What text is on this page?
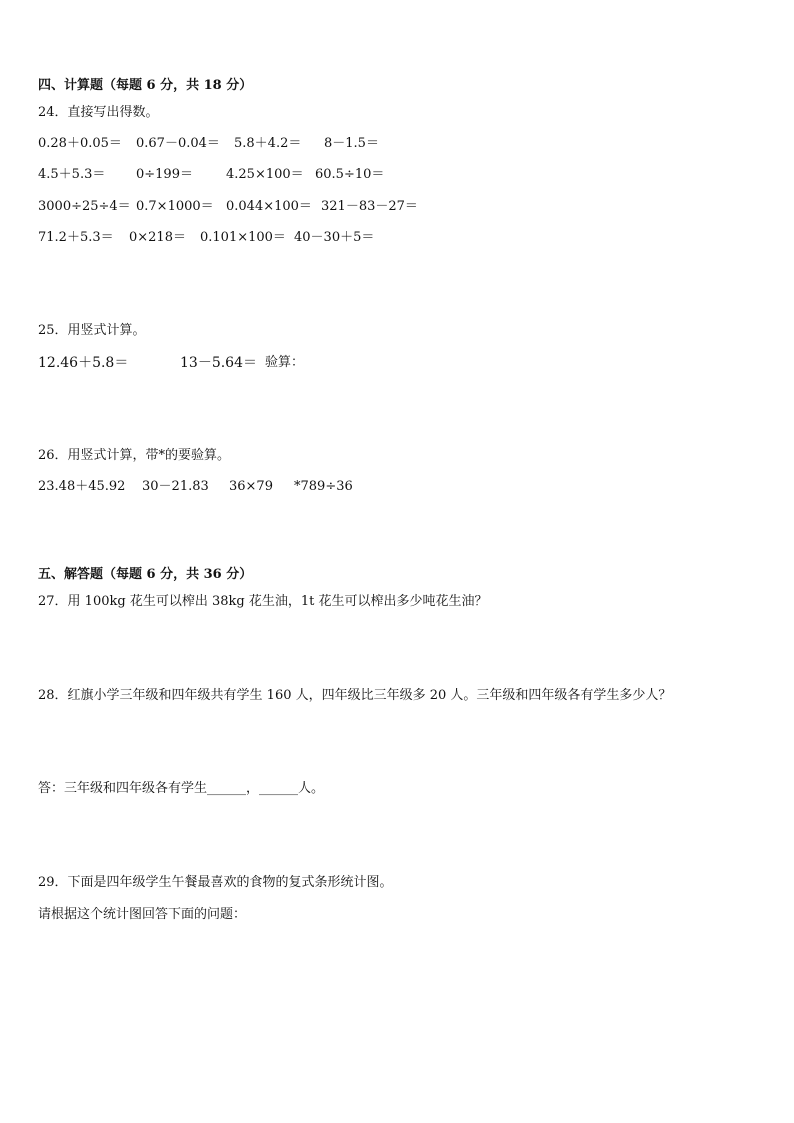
四、计算题（每题 6 分，共 18 分）
24．直接写出得数。
0.28＋0.05＝ 0.67－0.04＝ 5.8＋4.2＝ 8－1.5＝
4.5＋5.3＝ 0÷199＝	4.25×100＝ 60.5÷10＝
3000÷25÷4＝ 0.7×1000＝ 0.044×100＝ 321－83－27＝
71.2＋5.3＝ 0×218＝ 0.101×100＝ 40－30＋5＝
25．用竖式计算。
12.46＋5.8＝	13－5.64＝ 验算：
26．用竖式计算，带*的要验算。
23.48＋45.92 30－21.83 36×79 *789÷36
五、解答题（每题 6 分，共 36 分）
27．用 100kg 花生可以榨出 38kg 花生油，1t 花生可以榨出多少吨花生油？
28．红旗小学三年级和四年级共有学生 160 人，四年级比三年级多 20 人。三年级和四年级各有学生多少人？
答：三年级和四年级各有学生______，______人。
29．下面是四年级学生午餐最喜欢的食物的复式条形统计图。
请根据这个统计图回答下面的问题：
